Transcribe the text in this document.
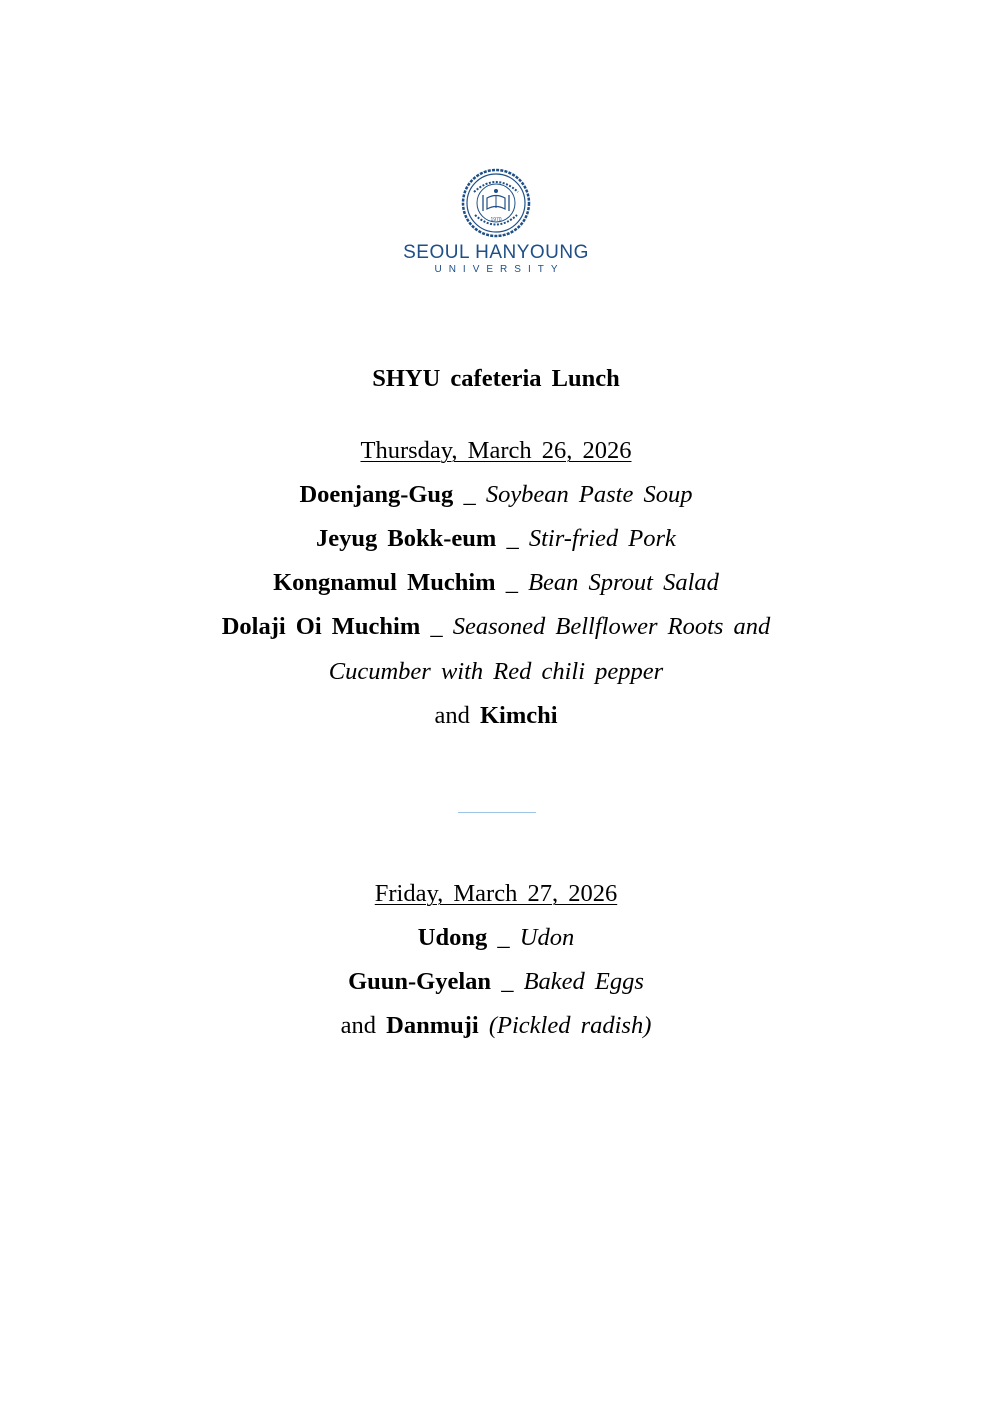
1970
SEOUL HANYOUNG
UNIVERSITY
SHYU cafeteria Lunch
Thursday, March 26, 2026
Doenjang-Gug _ Soybean Paste Soup
Jeyug Bokk-eum _ Stir-fried Pork
Kongnamul Muchim _ Bean Sprout Salad
Dolaji Oi Muchim _ Seasoned Bellflower Roots and
Cucumber with Red chili pepper
and Kimchi
Friday, March 27, 2026
Udong _ Udon
Guun-Gyelan _ Baked Eggs
and Danmuji (Pickled radish)
